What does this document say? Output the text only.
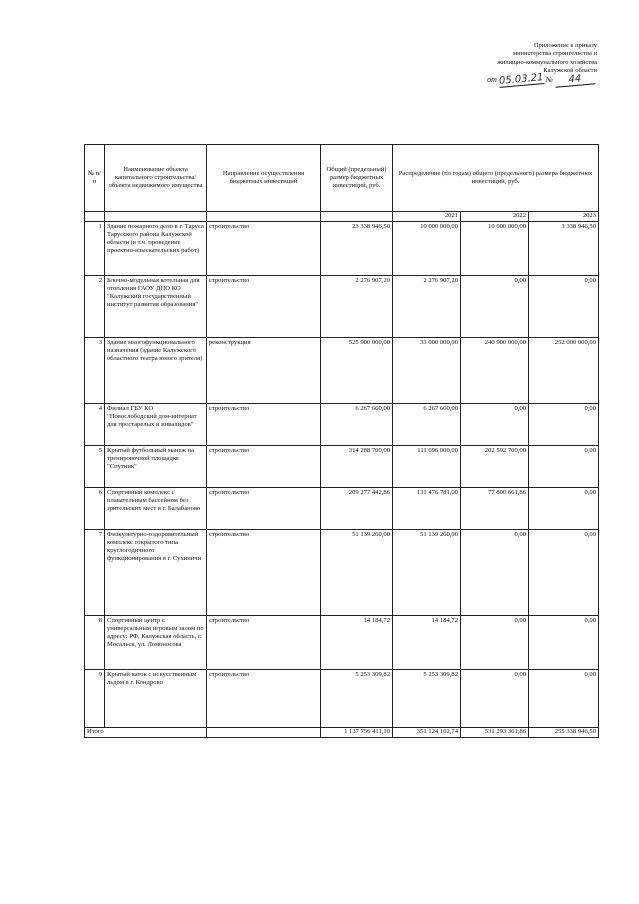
Приложение к приказу
министерства строительства и
жилищно-коммунального хозяйства
Калужской области
от 05.03.21 № 44
№ п/п	Наименование объекта капитального строительства/объекта недвижимого имущества	Направление осуществления бюджетных инвестиций	Общий (предельный) размер бюджетных инвестиций, руб.	Распределение (по годам) общего (предельного) размера бюджетных инвестиций, руб.		
				2021	2022	2023
1	Здание пожарного депо в г. Таруса Тарусского района Калужской области (в т.ч. проведение проектно-изыскательских работ)	строительство	23 338 946,50	10 000 000,00	10 000 000,00	3 338 946,50
2	Блочно-модульная котельная для отопления ГАОУ ДПО КО "Калужский государственный институт развития образования"	строительство	2 276 907,20	2 276 907,20	0,00	0,00
3	Здание многофункционального назначения (здание Калужского областного театра юного зрителя)	реконструкция	525 900 000,00	33 000 000,00	240 900 000,00	252 000 000,00
4	Филиал ГБУ КО "Новослободский дом-интернат для престарелых и инвалидов"	строительство	6 267 660,00	6 267 660,00	0,00	0,00
5	Крытый футбольный манеж на тренировочной площадке "Спутник"	строительство	314 288 700,00	111 696 000,00	202 592 700,00	0,00
6	Спортивный комплекс с плавательным бассейном без зрительских мест в г. Балабаново	строительство	209 277 442,86	131 476 781,00	77 800 661,86	0,00
7	Физкультурно-оздоровительный комплекс открытого типа круглогодичного функционирования в г. Сухиничи	строительство	51 139 260,00	51 139 260,00	0,00	0,00
8	Спортивный центр с универсальным игровым залом по адресу: РФ, Калужская область, г. Мосальск, ул. Ломоносова	строительство	14 184,72	14 184,72	0,00	0,00
9	Крытый каток с искусственным льдом в г. Кондрово	строительство	5 253 309,82	5 253 309,82	0,00	0,00
Итого			1 137 756 411,10	351 124 102,74	531 293 361,86	255 338 946,50
